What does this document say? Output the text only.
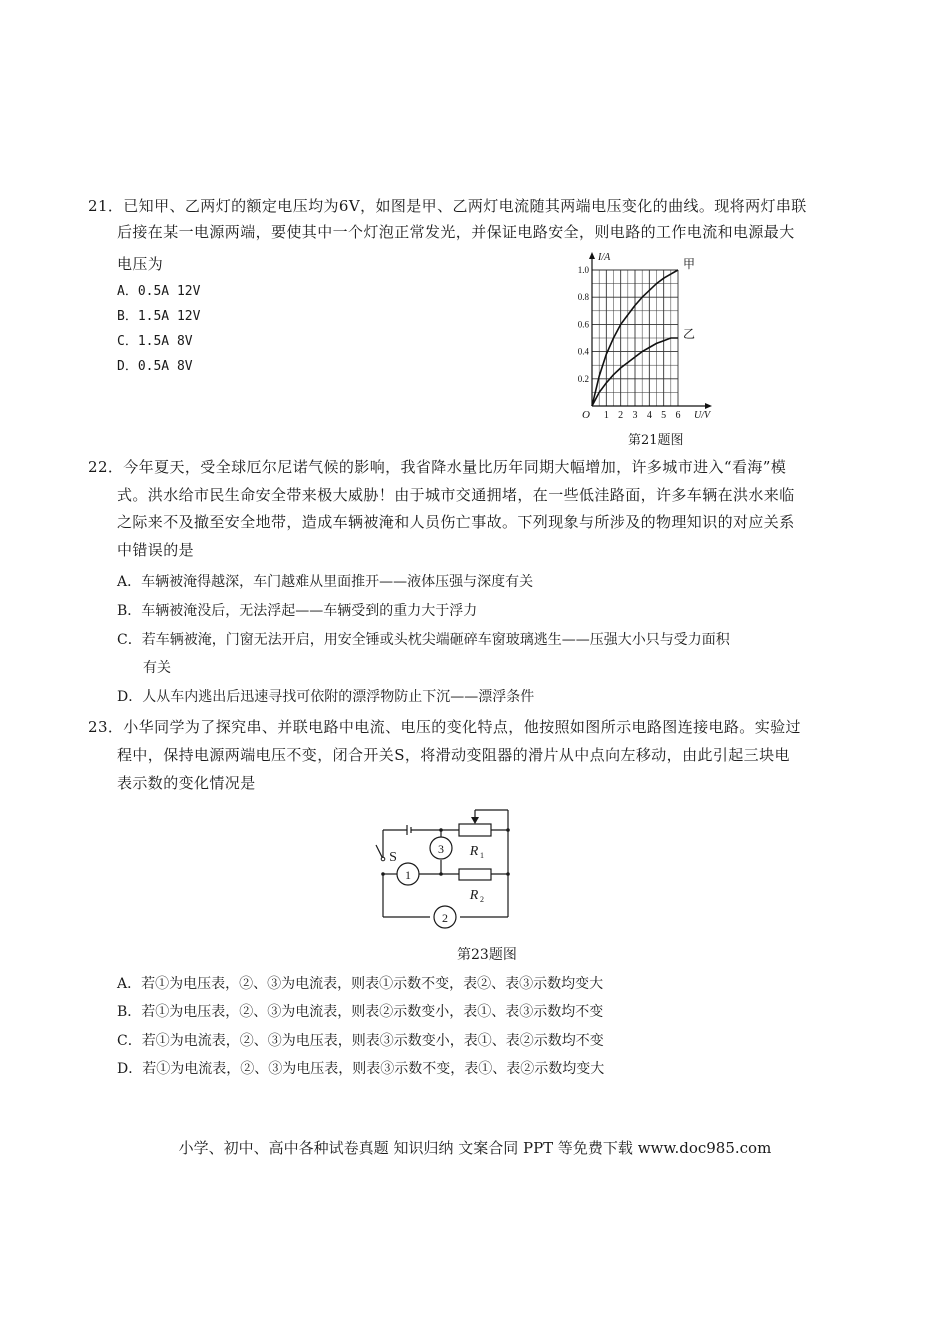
21．已知甲、乙两灯的额定电压均为6V，如图是甲、乙两灯电流随其两端电压变化的曲线。现将两灯串联
后接在某一电源两端，要使其中一个灯泡正常发光，并保证电路安全，则电路的工作电流和电源最大
电压为
A．0.5A 12V
B．1.5A 12V
C．1.5A 8V
D．0.5A 8V
1 2 3 4 5 6
0.2
0.4
0.6
0.8
1.0
O
I/A
U/V
甲
乙
第21题图
22．今年夏天，受全球厄尔尼诺气候的影响，我省降水量比历年同期大幅增加，许多城市进入“看海”模
式。洪水给市民生命安全带来极大威胁！由于城市交通拥堵，在一些低洼路面，许多车辆在洪水来临
之际来不及撤至安全地带，造成车辆被淹和人员伤亡事故。下列现象与所涉及的物理知识的对应关系
中错误的是
A．车辆被淹得越深，车门越难从里面推开——液体压强与深度有关
B．车辆被淹没后，无法浮起——车辆受到的重力大于浮力
C．若车辆被淹，门窗无法开启，用安全锤或头枕尖端砸碎车窗玻璃逃生——压强大小只与受力面积
有关
D．人从车内逃出后迅速寻找可依附的漂浮物防止下沉——漂浮条件
23．小华同学为了探究串、并联电路中电流、电压的变化特点，他按照如图所示电路图连接电路。实验过
程中，保持电源两端电压不变，闭合开关S，将滑动变阻器的滑片从中点向左移动，由此引起三块电
表示数的变化情况是
S
3
1
2
R 1
R 2
第23题图
A．若①为电压表，②、③为电流表，则表①示数不变，表②、表③示数均变大
B．若①为电压表，②、③为电流表，则表②示数变小，表①、表③示数均不变
C．若①为电流表，②、③为电压表，则表③示数变小，表①、表②示数均不变
D．若①为电流表，②、③为电压表，则表③示数不变，表①、表②示数均变大
小学、初中、高中各种试卷真题 知识归纳 文案合同 PPT 等免费下载 www.doc985.com
